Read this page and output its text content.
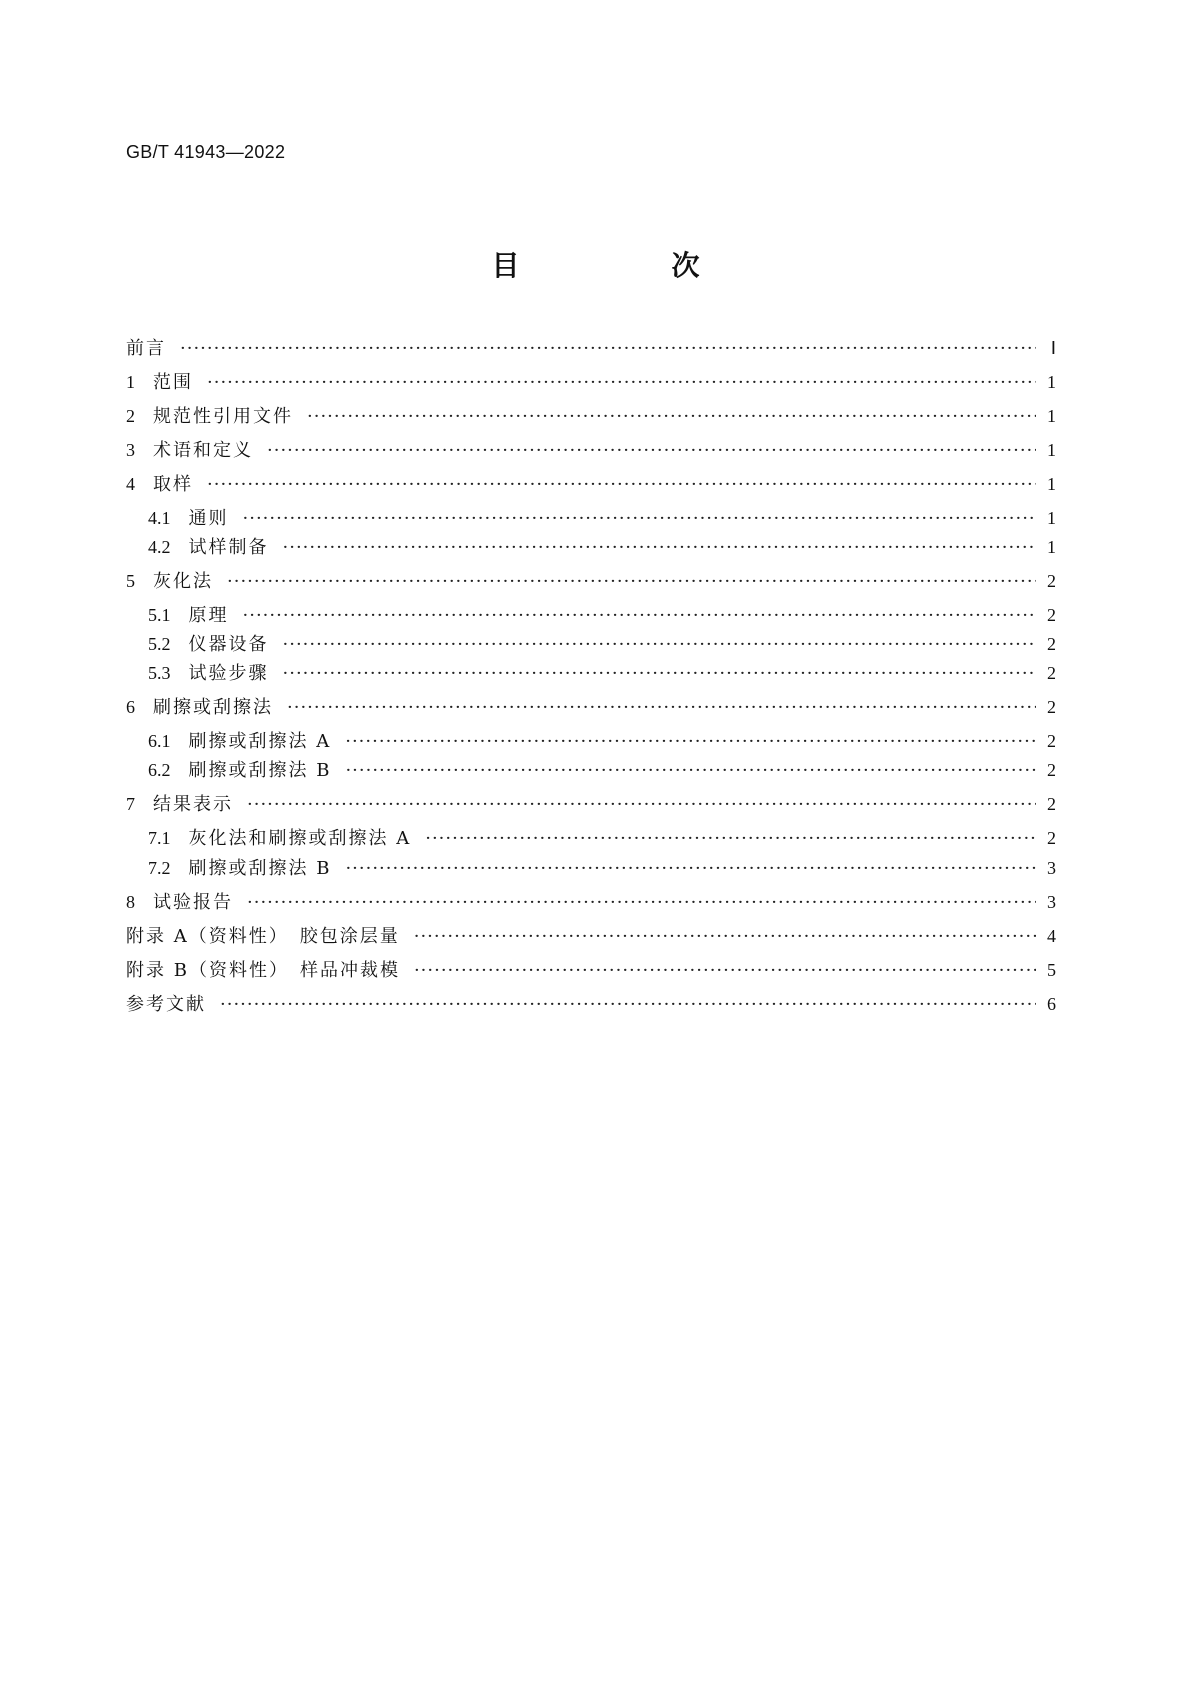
GB/T 41943—2022
目　次
前言 ·····	Ⅰ
1 范围 ·····	1
2 规范性引用文件 ·····	1
3 术语和定义 ·····	1
4 取样 ·····	1
4.1 通则 ·····	1
4.2 试样制备 ·····	1
5 灰化法 ·····	2
5.1 原理 ·····	2
5.2 仪器设备 ·····	2
5.3 试验步骤 ·····	2
6 刷擦或刮擦法 ·····	2
6.1 刷擦或刮擦法 A ·····	2
6.2 刷擦或刮擦法 B ·····	2
7 结果表示 ·····	2
7.1 灰化法和刷擦或刮擦法 A ·····	2
7.2 刷擦或刮擦法 B ·····	3
8 试验报告 ·····	3
附录 A（资料性）　胶包涂层量 ·····	4
附录 B（资料性）　样品冲裁模 ·····	5
参考文献 ·····	6
